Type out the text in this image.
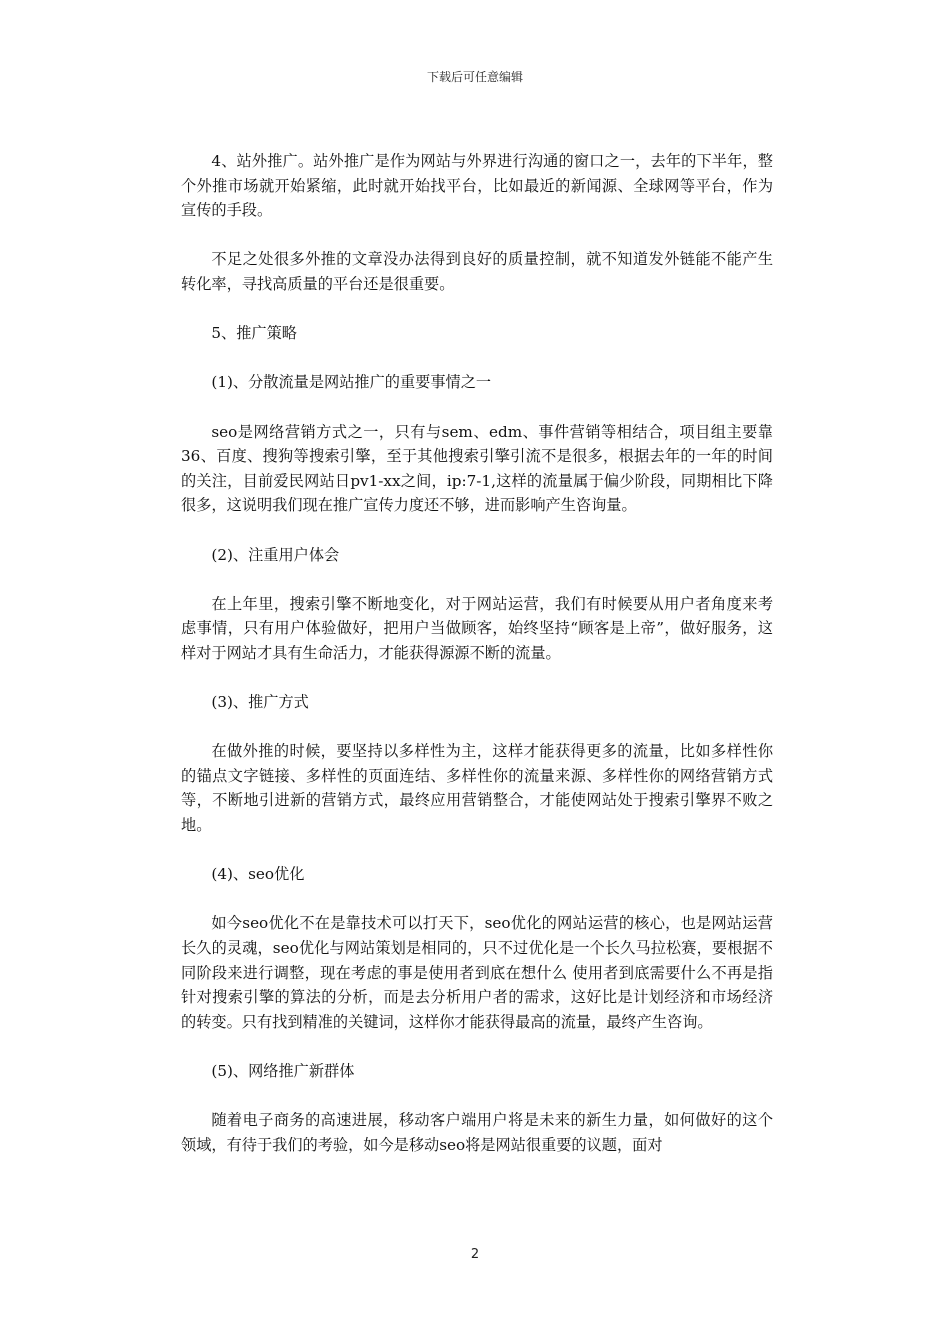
下载后可任意编辑

4、站外推广。站外推广是作为网站与外界进行沟通的窗口之一，去年的下半年，整个外推市场就开始紧缩，此时就开始找平台，比如最近的新闻源、全球网等平台，作为宣传的手段。

不足之处很多外推的文章没办法得到良好的质量控制，就不知道发外链能不能产生转化率，寻找高质量的平台还是很重要。

5、推广策略

(1)、分散流量是网站推广的重要事情之一

seo是网络营销方式之一，只有与sem、edm、事件营销等相结合，项目组主要靠36、百度、搜狗等搜索引擎，至于其他搜索引擎引流不是很多，根据去年的一年的时间的关注，目前爱民网站日pv1-xx之间，ip:7-1,这样的流量属于偏少阶段，同期相比下降很多，这说明我们现在推广宣传力度还不够，进而影响产生咨询量。

(2)、注重用户体会

在上年里，搜索引擎不断地变化，对于网站运营，我们有时候要从用户者角度来考虑事情，只有用户体验做好，把用户当做顾客，始终坚持“顾客是上帝”，做好服务，这样对于网站才具有生命活力，才能获得源源不断的流量。

(3)、推广方式

在做外推的时候，要坚持以多样性为主，这样才能获得更多的流量，比如多样性你的锚点文字链接、多样性的页面连结、多样性你的流量来源、多样性你的网络营销方式等，不断地引进新的营销方式，最终应用营销整合，才能使网站处于搜索引擎界不败之地。

(4)、seo优化

如今seo优化不在是靠技术可以打天下，seo优化的网站运营的核心，也是网站运营长久的灵魂，seo优化与网站策划是相同的，只不过优化是一个长久马拉松赛，要根据不同阶段来进行调整，现在考虑的事是使用者到底在想什么 使用者到底需要什么不再是指针对搜索引擎的算法的分析，而是去分析用户者的需求，这好比是计划经济和市场经济的转变。只有找到精准的关键词，这样你才能获得最高的流量，最终产生咨询。

(5)、网络推广新群体

随着电子商务的高速进展，移动客户端用户将是未来的新生力量，如何做好的这个领域，有待于我们的考验，如今是移动seo将是网站很重要的议题，面对

2
